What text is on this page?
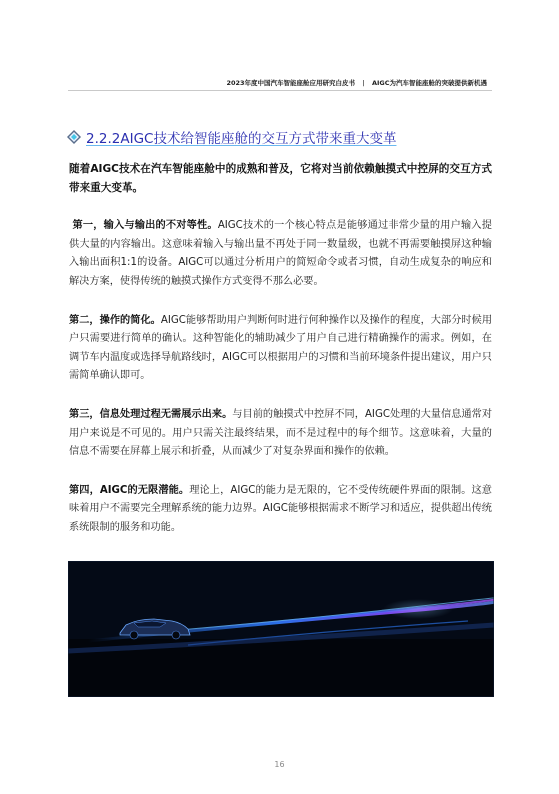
2023年度中国汽车智能座舱应用研究白皮书 | AIGC为汽车智能座舱的突破提供新机遇
2.2.2AIGC技术给智能座舱的交互方式带来重大变革

随着AIGC技术在汽车智能座舱中的成熟和普及，它将对当前依赖触摸式中控屏的交互方式带来重大变革。

第一，输入与输出的不对等性。AIGC技术的一个核心特点是能够通过非常少量的用户输入提供大量的内容输出。这意味着输入与输出量不再处于同一数量级，也就不再需要触摸屏这种输入输出面积1:1的设备。AIGC可以通过分析用户的简短命令或者习惯，自动生成复杂的响应和解决方案，使得传统的触摸式操作方式变得不那么必要。

第二，操作的简化。AIGC能够帮助用户判断何时进行何种操作以及操作的程度，大部分时候用户只需要进行简单的确认。这种智能化的辅助减少了用户自己进行精确操作的需求。例如，在调节车内温度或选择导航路线时，AIGC可以根据用户的习惯和当前环境条件提出建议，用户只需简单确认即可。

第三，信息处理过程无需展示出来。与目前的触摸式中控屏不同，AIGC处理的大量信息通常对用户来说是不可见的。用户只需关注最终结果，而不是过程中的每个细节。这意味着，大量的信息不需要在屏幕上展示和折叠，从而减少了对复杂界面和操作的依赖。

第四，AIGC的无限潜能。理论上，AIGC的能力是无限的，它不受传统硬件界面的限制。这意味着用户不需要完全理解系统的能力边界。AIGC能够根据需求不断学习和适应，提供超出传统系统限制的服务和功能。

16
